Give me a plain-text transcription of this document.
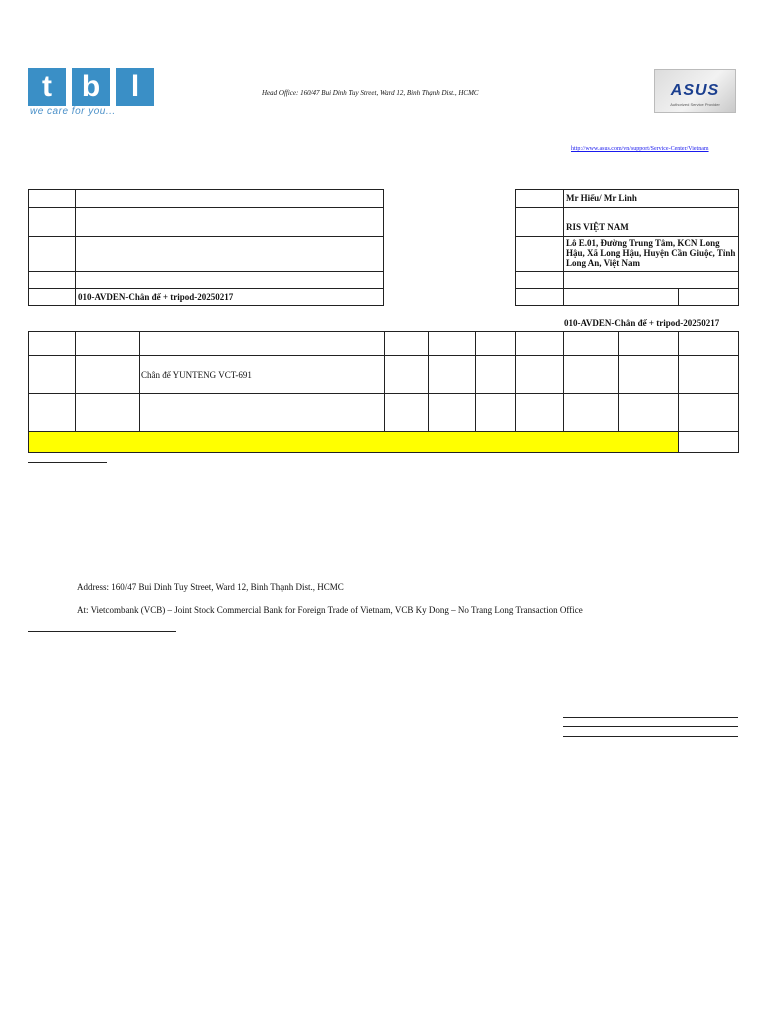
t b	l
we care for you...
Head Office: 160/47 Bui Dinh Tuy Street, Ward 12, Binh Thạnh Dist., HCMC	ASUS
Authorized Service Provider
http://www.asus.com/vn/support/Service-Center/Vietnam
010-AVDEN-Chân đế + tripod-20250217
Mr Hiếu/ Mr Linh
RIS VIỆT NAM
Lô E.01, Đường Trung Tâm, KCN Long Hậu, Xã Long Hậu, Huyện Cần Giuộc, Tỉnh Long An, Việt Nam
010-AVDEN-Chân đế + tripod-20250217
Chân đế YUNTENG VCT-691
Address: 160/47 Bui Dinh Tuy Street, Ward 12, Binh Thạnh Dist., HCMC
At: Vietcombank (VCB) – Joint Stock Commercial Bank for Foreign Trade of Vietnam, VCB Ky Dong – No Trang Long Transaction Office
